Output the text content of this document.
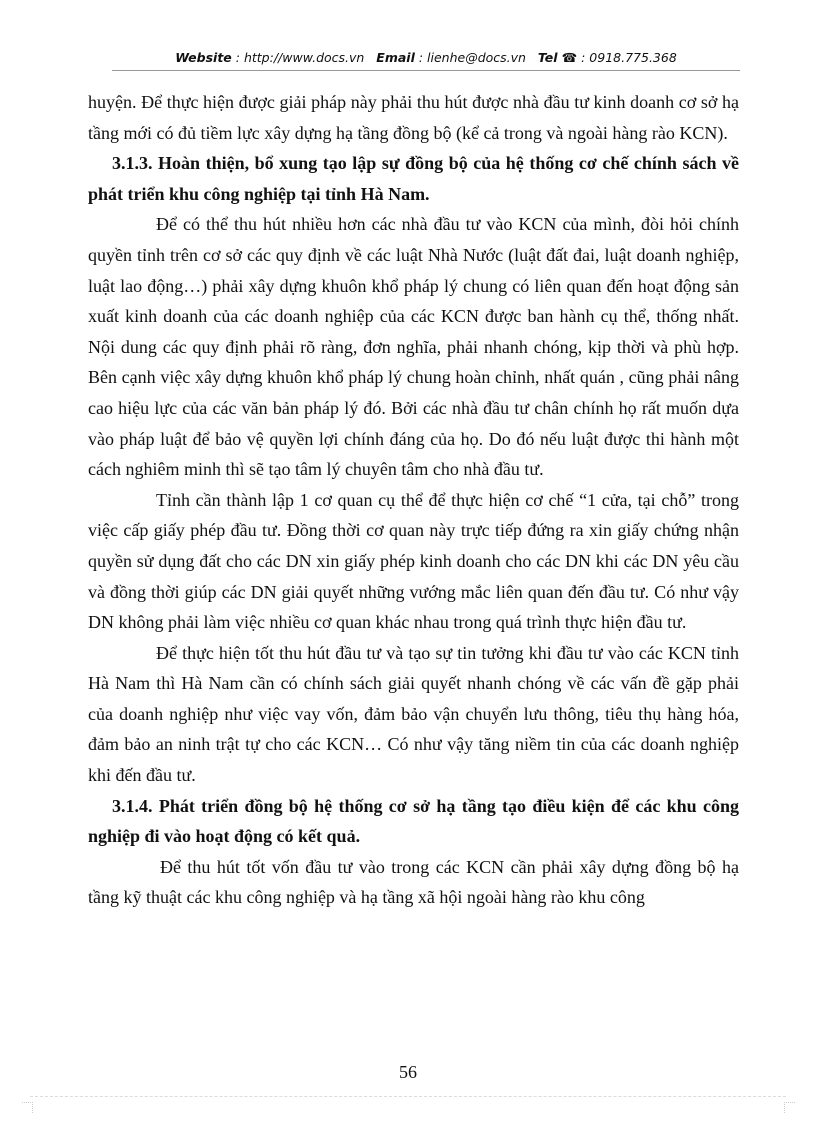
Website : http://www.docs.vn Email : lienhe@docs.vn Tel ☎ : 0918.775.368

huyện. Để thực hiện được giải pháp này phải thu hút được nhà đầu tư kinh doanh cơ sở hạ tầng mới có đủ tiềm lực xây dựng hạ tầng đồng bộ (kể cả trong và ngoài hàng rào KCN).

3.1.3. Hoàn thiện, bổ xung tạo lập sự đồng bộ của hệ thống cơ chế chính sách về phát triển khu công nghiệp tại tỉnh Hà Nam.

Để có thể thu hút nhiều hơn các nhà đầu tư vào KCN của mình, đòi hỏi chính quyền tỉnh trên cơ sở các quy định về các luật Nhà Nước (luật đất đai, luật doanh nghiệp, luật lao động…) phải xây dựng khuôn khổ pháp lý chung có liên quan đến hoạt động sản xuất kinh doanh của các doanh nghiệp của các KCN được ban hành cụ thể, thống nhất. Nội dung các quy định phải rõ ràng, đơn nghĩa, phải nhanh chóng, kịp thời và phù hợp. Bên cạnh việc xây dựng khuôn khổ pháp lý chung hoàn chỉnh, nhất quán , cũng phải nâng cao hiệu lực của các văn bản pháp lý đó. Bởi các nhà đầu tư chân chính họ rất muốn dựa vào pháp luật để bảo vệ quyền lợi chính đáng của họ. Do đó nếu luật được thi hành một cách nghiêm minh thì sẽ tạo tâm lý chuyên tâm cho nhà đầu tư.

Tỉnh cần thành lập 1 cơ quan cụ thể để thực hiện cơ chế “1 cửa, tại chỗ” trong việc cấp giấy phép đầu tư. Đồng thời cơ quan này trực tiếp đứng ra xin giấy chứng nhận quyền sử dụng đất cho các DN xin giấy phép kinh doanh cho các DN khi các DN yêu cầu và đồng thời giúp các DN giải quyết những vướng mắc liên quan đến đầu tư. Có như vậy DN không phải làm việc nhiều cơ quan khác nhau trong quá trình thực hiện đầu tư.

Để thực hiện tốt thu hút đầu tư và tạo sự tin tưởng khi đầu tư vào các KCN tỉnh Hà Nam thì Hà Nam cần có chính sách giải quyết nhanh chóng về các vấn đề gặp phải của doanh nghiệp như việc vay vốn, đảm bảo vận chuyển lưu thông, tiêu thụ hàng hóa, đảm bảo an ninh trật tự cho các KCN… Có như vậy tăng niềm tin của các doanh nghiệp khi đến đầu tư.

3.1.4. Phát triển đồng bộ hệ thống cơ sở hạ tầng tạo điều kiện để các khu công nghiệp đi vào hoạt động có kết quả.

Để thu hút tốt vốn đầu tư vào trong các KCN cần phải xây dựng đồng bộ hạ tầng kỹ thuật các khu công nghiệp và hạ tầng xã hội ngoài hàng rào khu công

56
